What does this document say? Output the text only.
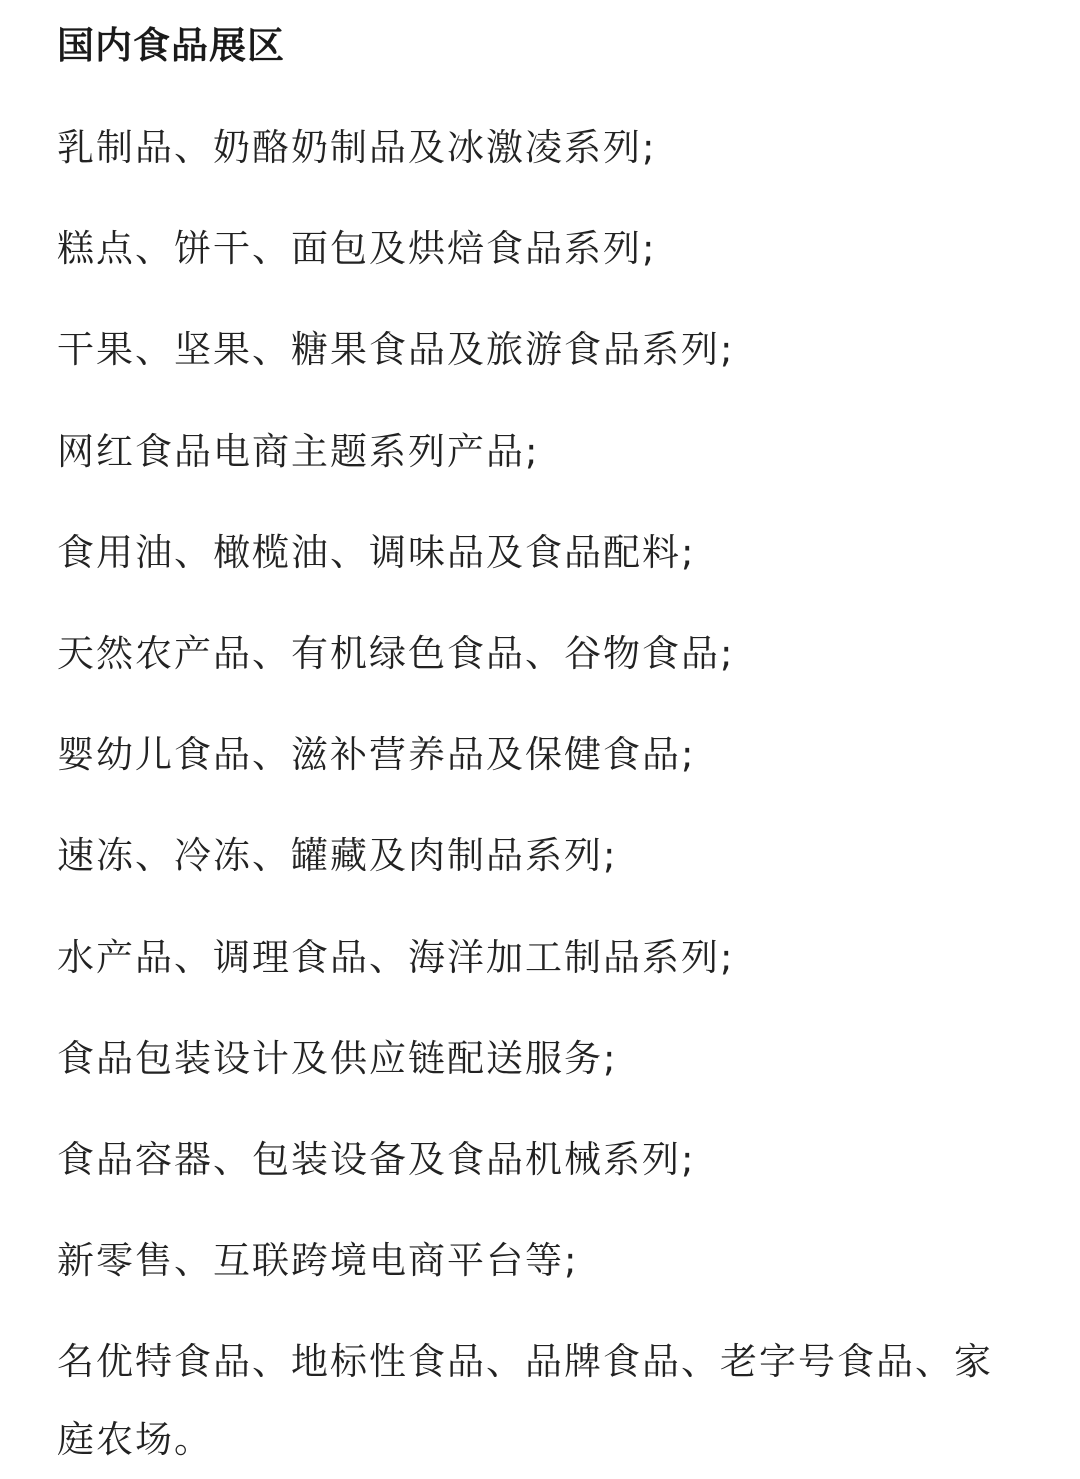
国内食品展区
乳制品、奶酪奶制品及冰激凌系列;
糕点、饼干、面包及烘焙食品系列;
干果、坚果、糖果食品及旅游食品系列;
网红食品电商主题系列产品;
食用油、橄榄油、调味品及食品配料;
天然农产品、有机绿色食品、谷物食品;
婴幼儿食品、滋补营养品及保健食品;
速冻、冷冻、罐藏及肉制品系列;
水产品、调理食品、海洋加工制品系列;
食品包装设计及供应链配送服务;
食品容器、包装设备及食品机械系列;
新零售、互联跨境电商平台等;
名优特食品、地标性食品、品牌食品、老字号食品、家庭农场。
